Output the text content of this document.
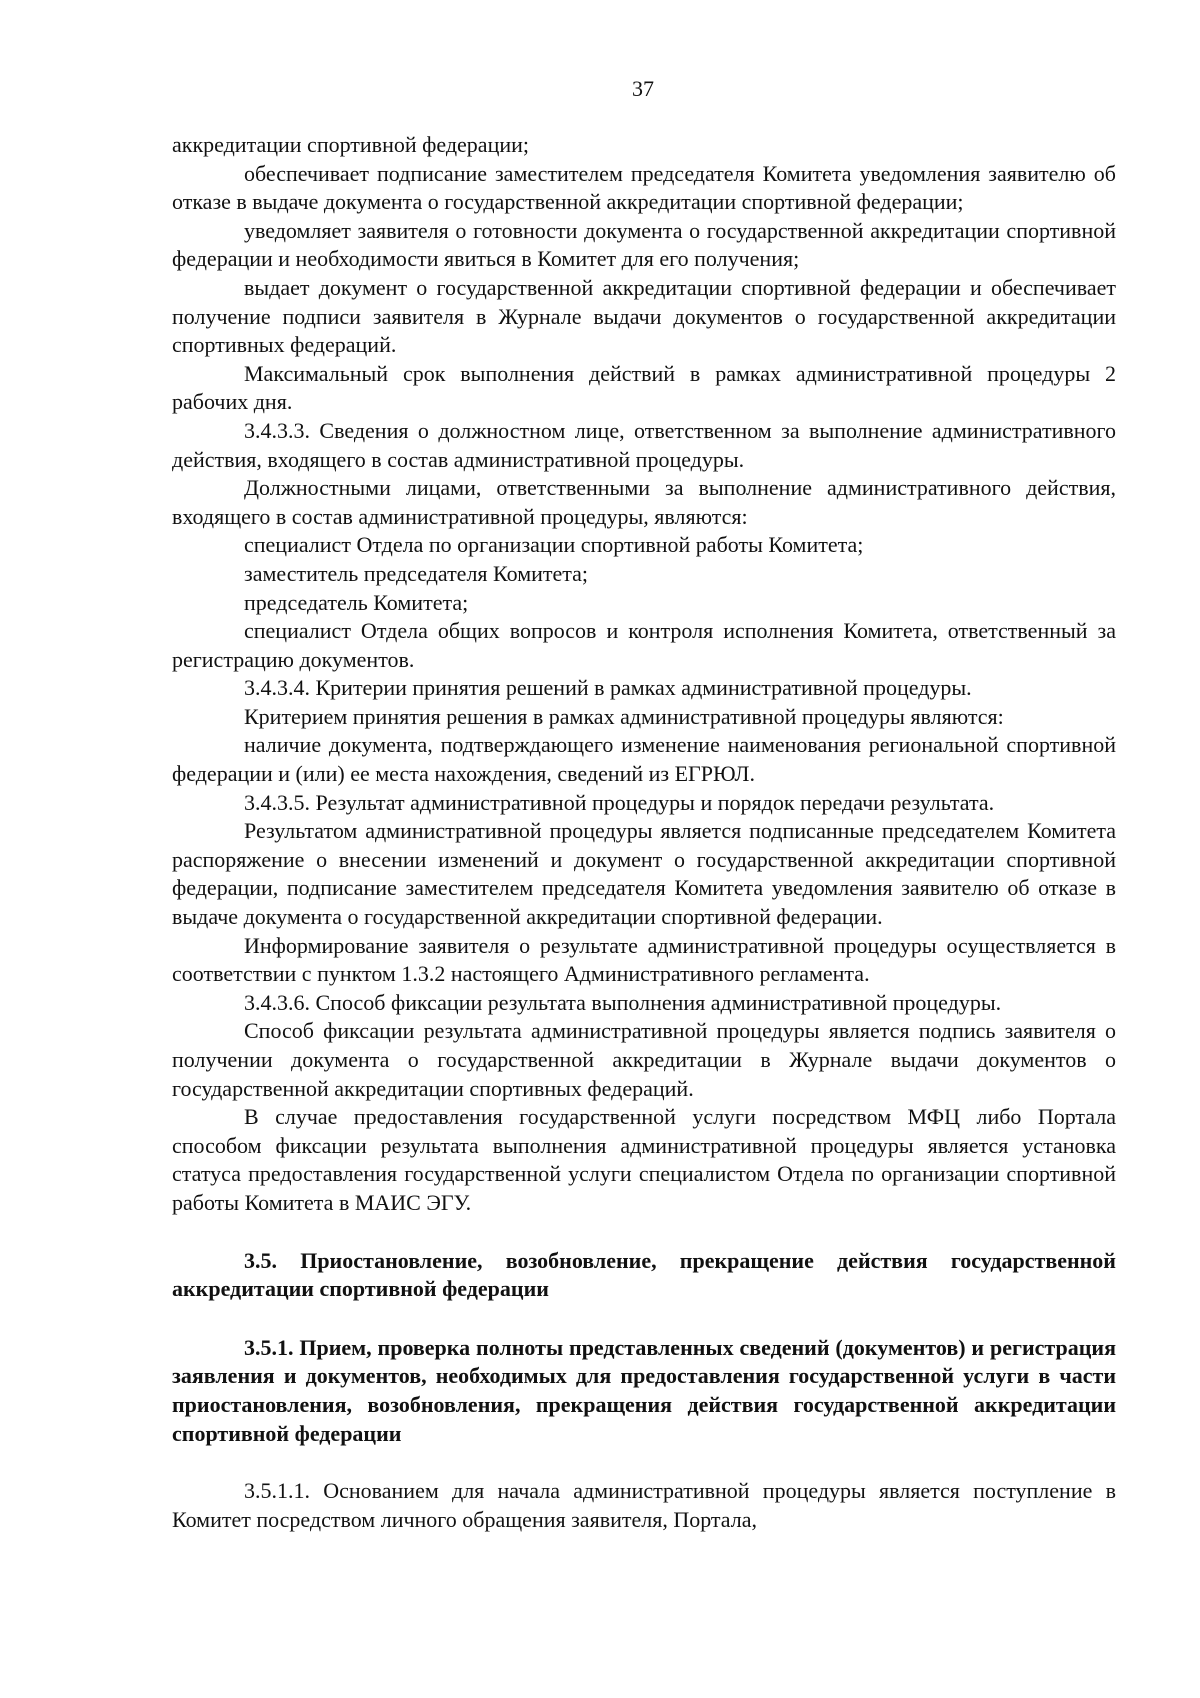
37

аккредитации спортивной федерации;

обеспечивает подписание заместителем председателя Комитета уведомления заявителю об отказе в выдаче документа о государственной аккредитации спортивной федерации;

уведомляет заявителя о готовности документа о государственной аккредитации спортивной федерации и необходимости явиться в Комитет для его получения;

выдает документ о государственной аккредитации спортивной федерации и обеспечивает получение подписи заявителя в Журнале выдачи документов о государственной аккредитации спортивных федераций.

Максимальный срок выполнения действий в рамках административной процедуры 2 рабочих дня.

3.4.3.3. Сведения о должностном лице, ответственном за выполнение административного действия, входящего в состав административной процедуры.

Должностными лицами, ответственными за выполнение административного действия, входящего в состав административной процедуры, являются:

специалист Отдела по организации спортивной работы Комитета;

заместитель председателя Комитета;

председатель Комитета;

специалист Отдела общих вопросов и контроля исполнения Комитета, ответственный за регистрацию документов.

3.4.3.4. Критерии принятия решений в рамках административной процедуры.

Критерием принятия решения в рамках административной процедуры являются:

наличие документа, подтверждающего изменение наименования региональной спортивной федерации и (или) ее места нахождения, сведений из ЕГРЮЛ.

3.4.3.5. Результат административной процедуры и порядок передачи результата.

Результатом административной процедуры является подписанные председателем Комитета распоряжение о внесении изменений и документ о государственной аккредитации спортивной федерации, подписание заместителем председателя Комитета уведомления заявителю об отказе в выдаче документа о государственной аккредитации спортивной федерации.

Информирование заявителя о результате административной процедуры осуществляется в соответствии с пунктом 1.3.2 настоящего Административного регламента.

3.4.3.6. Способ фиксации результата выполнения административной процедуры.

Способ фиксации результата административной процедуры является подпись заявителя о получении документа о государственной аккредитации в Журнале выдачи документов о государственной аккредитации спортивных федераций.

В случае предоставления государственной услуги посредством МФЦ либо Портала способом фиксации результата выполнения административной процедуры является установка статуса предоставления государственной услуги специалистом Отдела по организации спортивной работы Комитета в МАИС ЭГУ.

3.5. Приостановление, возобновление, прекращение действия государственной аккредитации спортивной федерации

3.5.1. Прием, проверка полноты представленных сведений (документов) и регистрация заявления и документов, необходимых для предоставления государственной услуги в части приостановления, возобновления, прекращения действия государственной аккредитации спортивной федерации

3.5.1.1. Основанием для начала административной процедуры является поступление в Комитет посредством личного обращения заявителя, Портала,
